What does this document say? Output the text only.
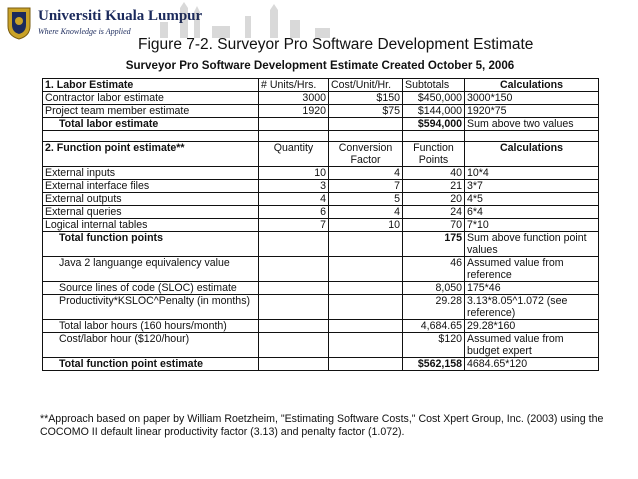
Universiti Kuala Lumpur
Where Knowledge is Applied
Figure 7-2. Surveyor Pro Software Development Estimate
Surveyor Pro Software Development Estimate Created October 5, 2006
1. Labor Estimate	# Units/Hrs.	Cost/Unit/Hr.	Subtotals	Calculations
Contractor labor estimate	3000	$150	$450,000	3000*150
Project team member estimate	1920	$75	$144,000	1920*75
Total labor estimate			$594,000	Sum above two values

2. Function point estimate**	Quantity	Conversion Factor	Function Points	Calculations
External inputs	10	4	40	10*4
External interface files	3	7	21	3*7
External outputs	4	5	20	4*5
External queries	6	4	24	6*4
Logical internal tables	7	10	70	7*10
Total function points			175	Sum above function point values
Java 2 languange equivalency value			46	Assumed value from reference
Source lines of code (SLOC) estimate			8,050	175*46
Productivity*KSLOC^Penalty (in months)			29.28	3.13*8.05^1.072 (see reference)
Total labor hours (160 hours/month)			4,684.65	29.28*160
Cost/labor hour ($120/hour)			$120	Assumed value from budget expert
Total function point estimate			$562,158	4684.65*120
**Approach based on paper by William Roetzheim, "Estimating Software Costs," Cost Xpert Group, Inc. (2003) using the COCOMO II default linear productivity factor (3.13) and penalty factor (1.072).
